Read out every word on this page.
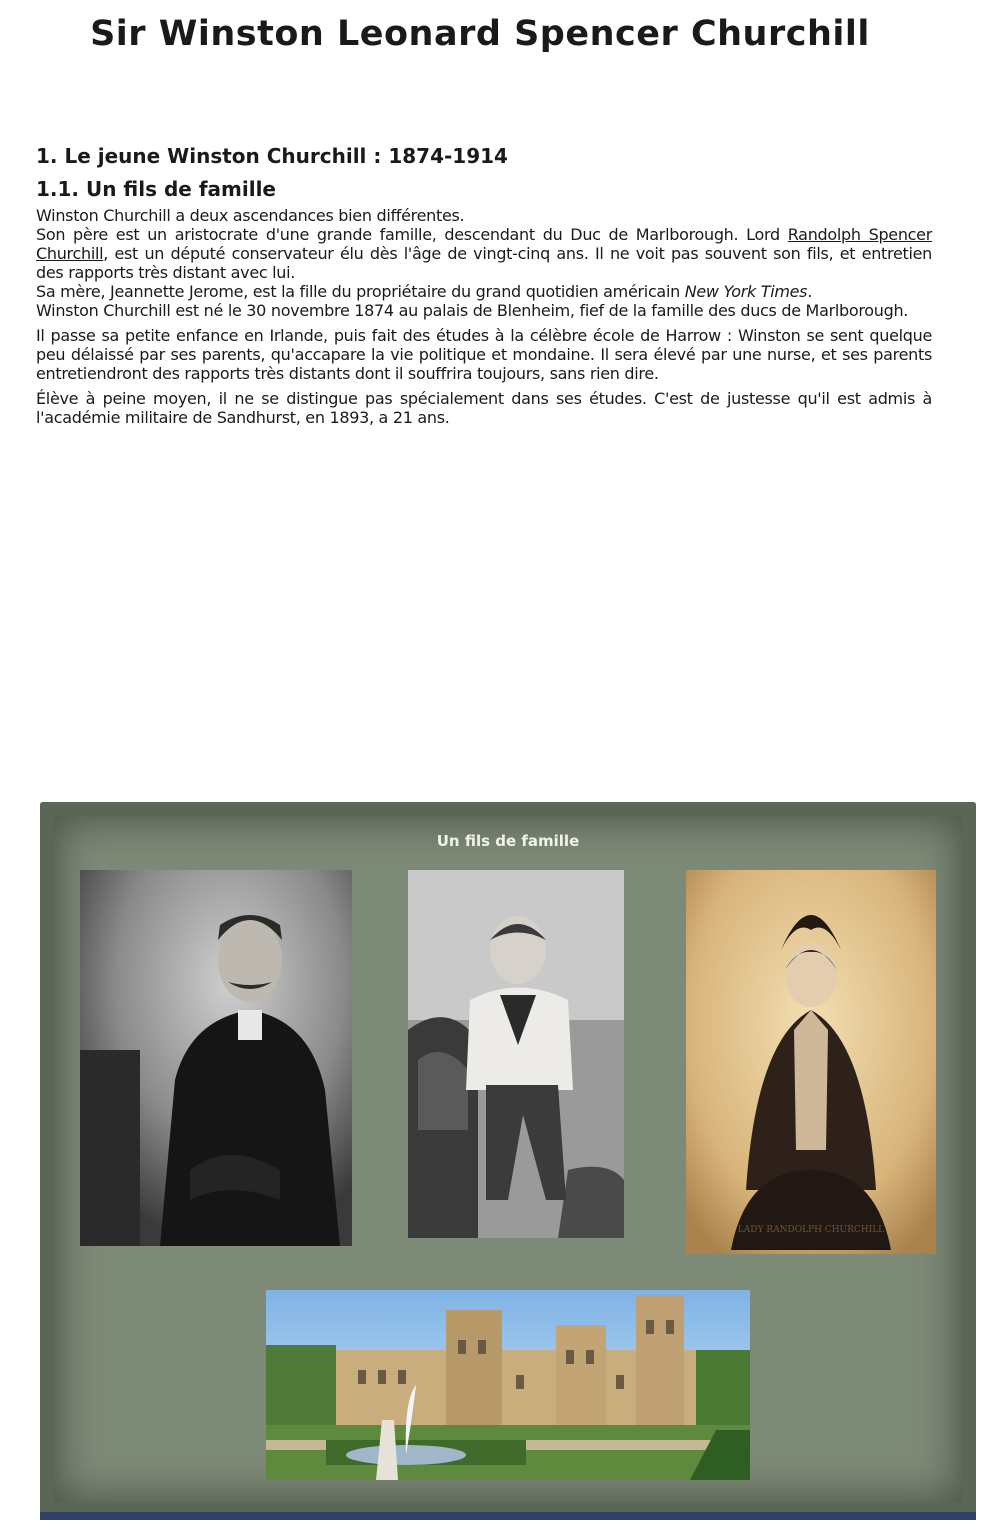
Sir Winston Leonard Spencer Churchill
1. Le jeune Winston Churchill : 1874-1914
1.1. Un fils de famille

Winston Churchill a deux ascendances bien différentes.

Son père est un aristocrate d'une grande famille, descendant du Duc de Marlborough. Lord Randolph Spencer Churchill, est un député conservateur élu dès l'âge de vingt-cinq ans. Il ne voit pas souvent son fils, et entretien des rapports très distant avec lui.

Sa mère, Jeannette Jerome, est la fille du propriétaire du grand quotidien américain New York Times.

Winston Churchill est né le 30 novembre 1874 au palais de Blenheim, fief de la famille des ducs de Marlborough.

Il passe sa petite enfance en Irlande, puis fait des études à la célèbre école de Harrow : Winston se sent quelque peu délaissé par ses parents, qu'accapare la vie politique et mondaine. Il sera élevé par une nurse, et ses parents entretiendront des rapports très distants dont il souffrira toujours, sans rien dire.

Élève à peine moyen, il ne se distingue pas spécialement dans ses études. C'est de justesse qu'il est admis à l'académie militaire de Sandhurst, en 1893, a 21 ans.

Un fils de famille

LADY RANDOLPH CHURCHILL
